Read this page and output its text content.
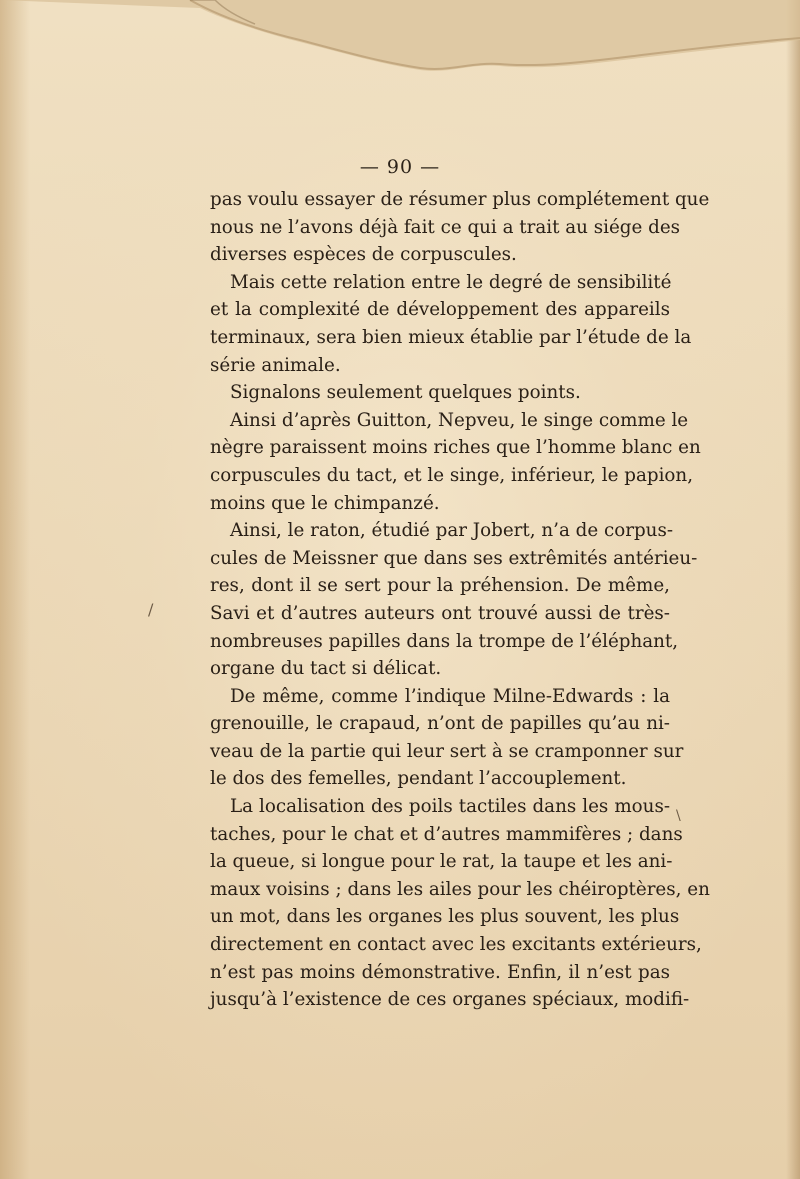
— 90 —
pas voulu essayer de résumer plus complétement que
nous ne l’avons déjà fait ce qui a trait au siége des
diverses espèces de corpuscules.
Mais cette relation entre le degré de sensibilité
et la complexité de développement des appareils
terminaux, sera bien mieux établie par l’étude de la
série animale.
Signalons seulement quelques points.
Ainsi d’après Guitton, Nepveu, le singe comme le
nègre paraissent moins riches que l’homme blanc en
corpuscules du tact, et le singe, inférieur, le papion,
moins que le chimpanzé.
Ainsi, le raton, étudié par Jobert, n’a de corpus-
cules de Meissner que dans ses extrêmités antérieu-
res, dont il se sert pour la préhension. De même,
Savi et d’autres auteurs ont trouvé aussi de très-
nombreuses papilles dans la trompe de l’éléphant,
organe du tact si délicat.
De même, comme l’indique Milne-Edwards : la
grenouille, le crapaud, n’ont de papilles qu’au ni-
veau de la partie qui leur sert à se cramponner sur
le dos des femelles, pendant l’accouplement.
La localisation des poils tactiles dans les mous-
taches, pour le chat et d’autres mammifères ; dans
la queue, si longue pour le rat, la taupe et les ani-
maux voisins ; dans les ailes pour les chéiroptères, en
un mot, dans les organes les plus souvent, les plus
directement en contact avec les excitants extérieurs,
n’est pas moins démonstrative. Enfin, il n’est pas
jusqu’à l’existence de ces organes spéciaux, modifi-
/
\
